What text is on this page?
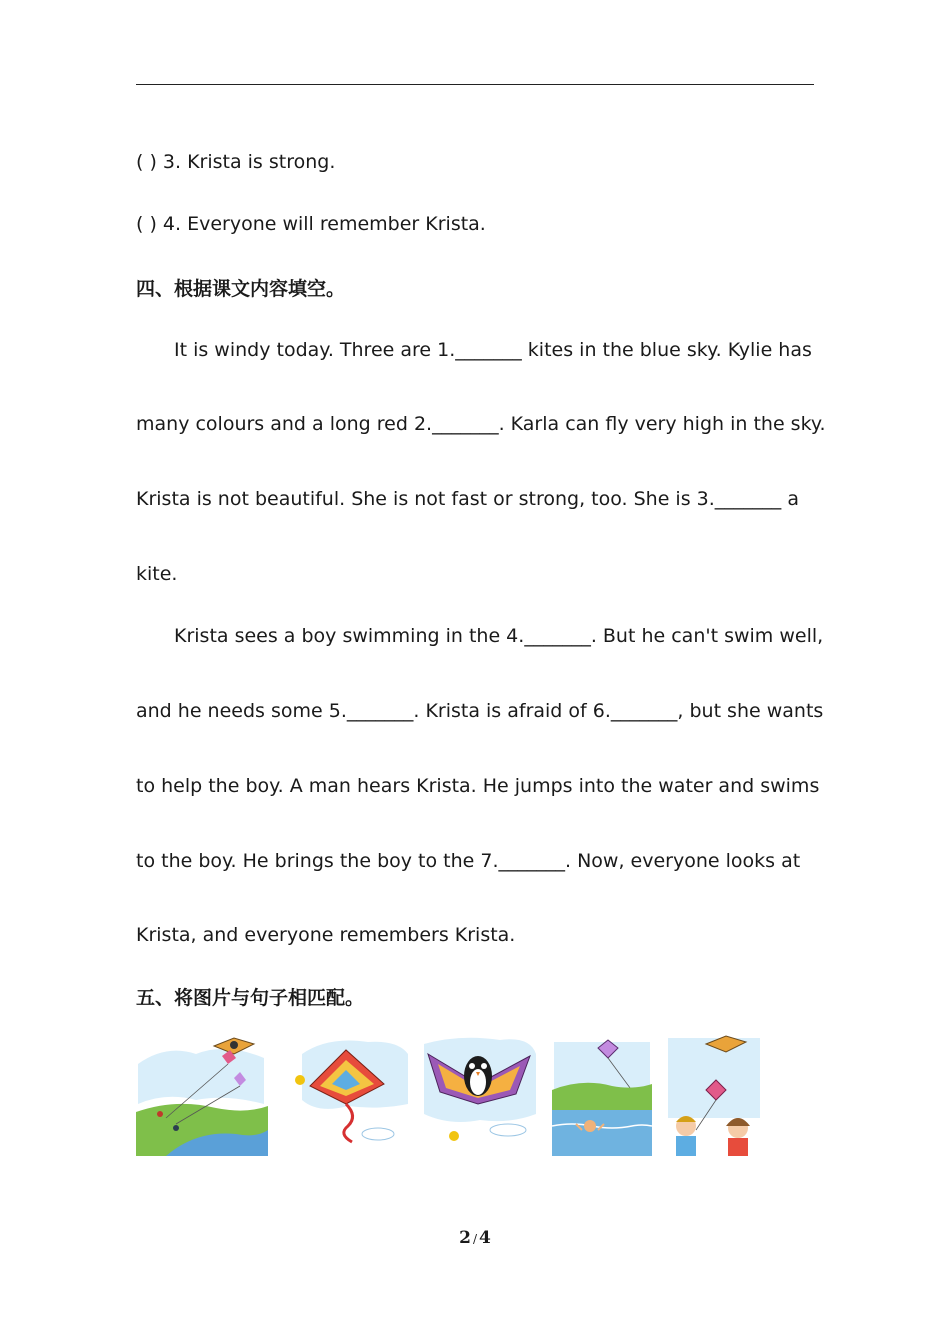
( ) 3. Krista is strong.
( ) 4. Everyone will remember Krista.
四、根据课文内容填空。
It is windy today. Three are 1._______ kites in the blue sky. Kylie has
many colours and a long red 2._______. Karla can fly very high in the sky.
Krista is not beautiful. She is not fast or strong, too. She is 3._______ a
kite.
Krista sees a boy swimming in the 4._______. But he can't swim well,
and he needs some 5._______. Krista is afraid of 6._______, but she wants
to help the boy. A man hears Krista. He jumps into the water and swims
to the boy. He brings the boy to the 7._______. Now, everyone looks at
Krista, and everyone remembers Krista.
五、将图片与句子相匹配。
2 / 4
